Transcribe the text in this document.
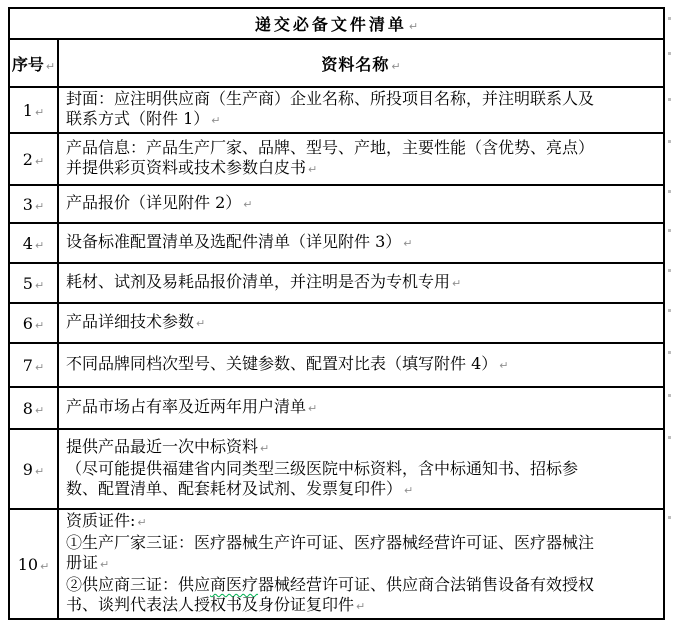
递交必备文件清单 ↵	
序号 ↵	资料名称 ↵
1 ↵	封面：应注明供应商（生产商）企业名称、所投项目名称，并注明联系人及
联系方式（附件 1） ↵

2 ↵	产品信息：产品生产厂家、品牌、型号、产地，主要性能（含优势、亮点）
并提供彩页资料或技术参数白皮书 ↵

3 ↵	产品报价（详见附件 2） ↵

4 ↵	设备标准配置清单及选配件清单（详见附件 3） ↵

5 ↵	耗材、试剂及易耗品报价清单，并注明是否为专机专用 ↵

6 ↵	产品详细技术参数 ↵

7 ↵	不同品牌同档次型号、关键参数、配置对比表（填写附件 4） ↵

8 ↵	产品市场占有率及近两年用户清单 ↵

9 ↵	提供产品最近一次中标资料 ↵
（尽可能提供福建省内同类型三级医院中标资料，含中标通知书、招标参
数、配置清单、配套耗材及试剂、发票复印件） ↵

10 ↵	资质证件: ↵
①生产厂家三证：医疗器械生产许可证、医疗器械经营许可证、医疗器械注
册证 ↵
②供应商三证：供应商医疗器械经营许可证、供应商合法销售设备有效授权
书、谈判代表法人授权书及身份证复印件 ↵
